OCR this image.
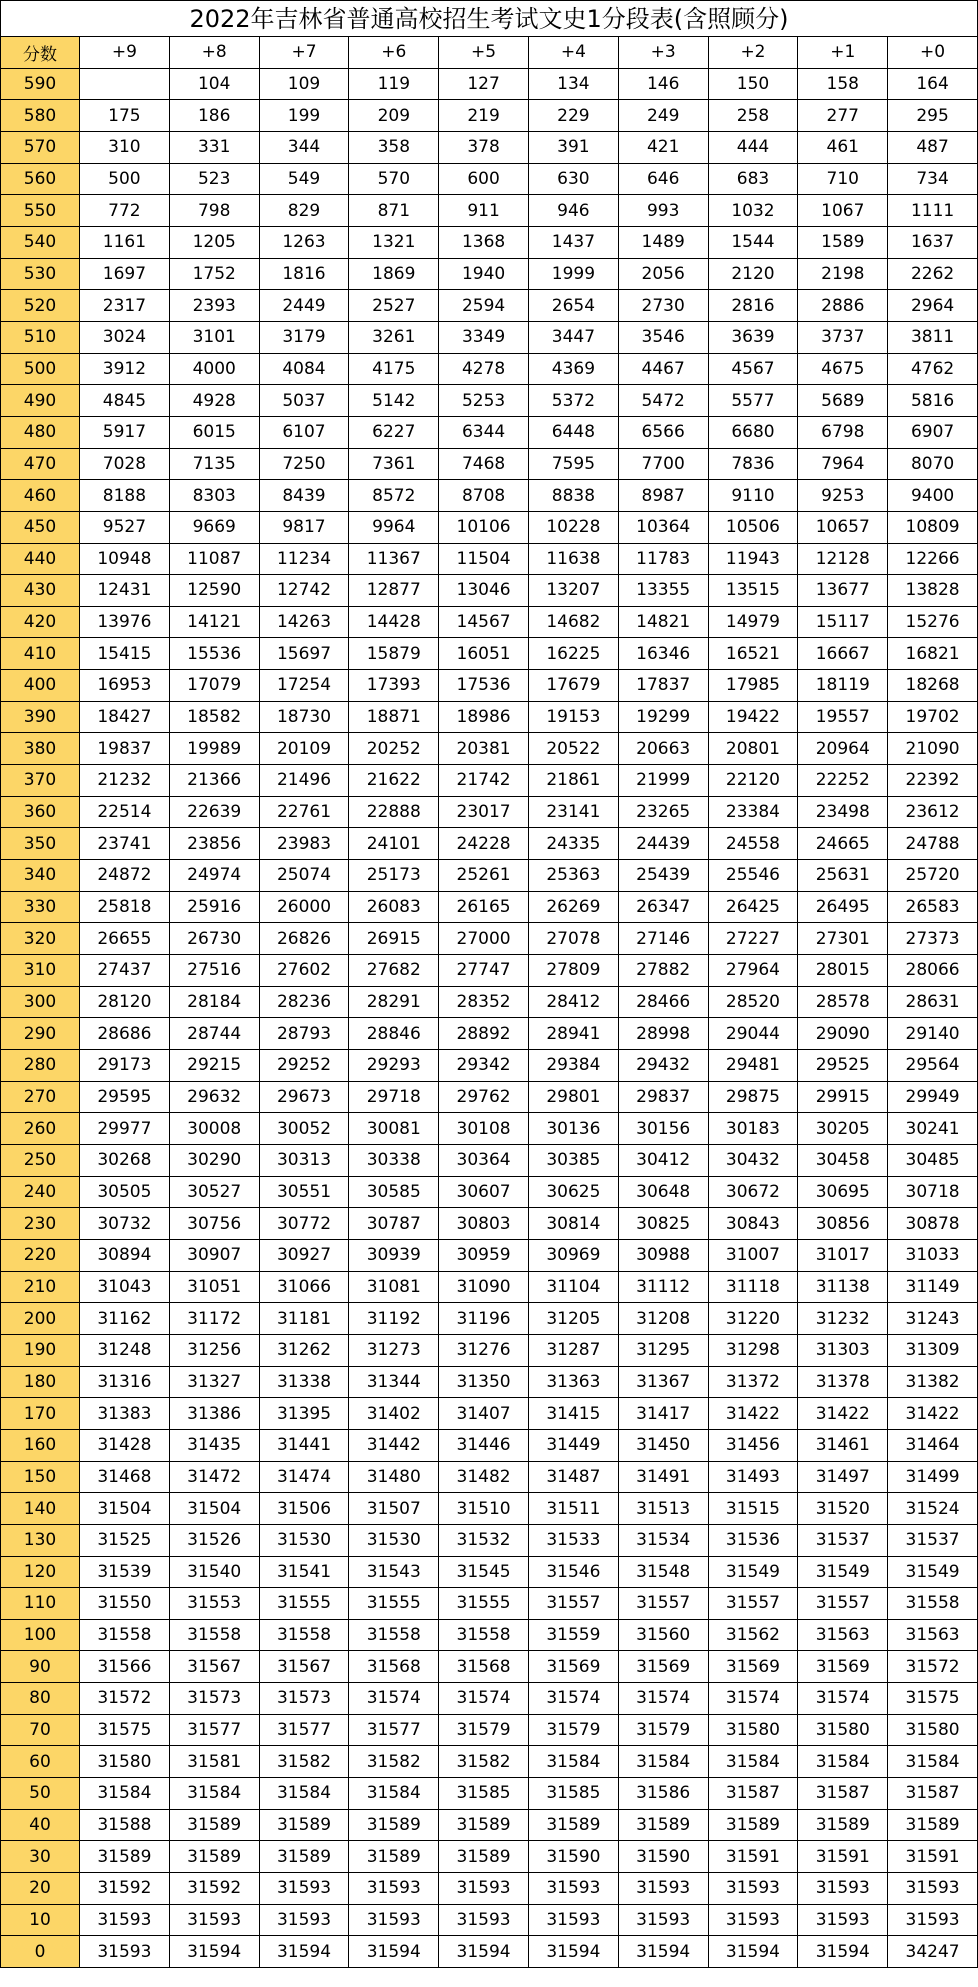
2022年吉林省普通高校招生考试文史1分段表(含照顾分)
分数	+9	+8	+7	+6	+5	+4	+3	+2	+1	+0
590		104	109	119	127	134	146	150	158	164
580	175	186	199	209	219	229	249	258	277	295
570	310	331	344	358	378	391	421	444	461	487
560	500	523	549	570	600	630	646	683	710	734
550	772	798	829	871	911	946	993	1032	1067	1111
540	1161	1205	1263	1321	1368	1437	1489	1544	1589	1637
530	1697	1752	1816	1869	1940	1999	2056	2120	2198	2262
520	2317	2393	2449	2527	2594	2654	2730	2816	2886	2964
510	3024	3101	3179	3261	3349	3447	3546	3639	3737	3811
500	3912	4000	4084	4175	4278	4369	4467	4567	4675	4762
490	4845	4928	5037	5142	5253	5372	5472	5577	5689	5816
480	5917	6015	6107	6227	6344	6448	6566	6680	6798	6907
470	7028	7135	7250	7361	7468	7595	7700	7836	7964	8070
460	8188	8303	8439	8572	8708	8838	8987	9110	9253	9400
450	9527	9669	9817	9964	10106	10228	10364	10506	10657	10809
440	10948	11087	11234	11367	11504	11638	11783	11943	12128	12266
430	12431	12590	12742	12877	13046	13207	13355	13515	13677	13828
420	13976	14121	14263	14428	14567	14682	14821	14979	15117	15276
410	15415	15536	15697	15879	16051	16225	16346	16521	16667	16821
400	16953	17079	17254	17393	17536	17679	17837	17985	18119	18268
390	18427	18582	18730	18871	18986	19153	19299	19422	19557	19702
380	19837	19989	20109	20252	20381	20522	20663	20801	20964	21090
370	21232	21366	21496	21622	21742	21861	21999	22120	22252	22392
360	22514	22639	22761	22888	23017	23141	23265	23384	23498	23612
350	23741	23856	23983	24101	24228	24335	24439	24558	24665	24788
340	24872	24974	25074	25173	25261	25363	25439	25546	25631	25720
330	25818	25916	26000	26083	26165	26269	26347	26425	26495	26583
320	26655	26730	26826	26915	27000	27078	27146	27227	27301	27373
310	27437	27516	27602	27682	27747	27809	27882	27964	28015	28066
300	28120	28184	28236	28291	28352	28412	28466	28520	28578	28631
290	28686	28744	28793	28846	28892	28941	28998	29044	29090	29140
280	29173	29215	29252	29293	29342	29384	29432	29481	29525	29564
270	29595	29632	29673	29718	29762	29801	29837	29875	29915	29949
260	29977	30008	30052	30081	30108	30136	30156	30183	30205	30241
250	30268	30290	30313	30338	30364	30385	30412	30432	30458	30485
240	30505	30527	30551	30585	30607	30625	30648	30672	30695	30718
230	30732	30756	30772	30787	30803	30814	30825	30843	30856	30878
220	30894	30907	30927	30939	30959	30969	30988	31007	31017	31033
210	31043	31051	31066	31081	31090	31104	31112	31118	31138	31149
200	31162	31172	31181	31192	31196	31205	31208	31220	31232	31243
190	31248	31256	31262	31273	31276	31287	31295	31298	31303	31309
180	31316	31327	31338	31344	31350	31363	31367	31372	31378	31382
170	31383	31386	31395	31402	31407	31415	31417	31422	31422	31422
160	31428	31435	31441	31442	31446	31449	31450	31456	31461	31464
150	31468	31472	31474	31480	31482	31487	31491	31493	31497	31499
140	31504	31504	31506	31507	31510	31511	31513	31515	31520	31524
130	31525	31526	31530	31530	31532	31533	31534	31536	31537	31537
120	31539	31540	31541	31543	31545	31546	31548	31549	31549	31549
110	31550	31553	31555	31555	31555	31557	31557	31557	31557	31558
100	31558	31558	31558	31558	31558	31559	31560	31562	31563	31563
90	31566	31567	31567	31568	31568	31569	31569	31569	31569	31572
80	31572	31573	31573	31574	31574	31574	31574	31574	31574	31575
70	31575	31577	31577	31577	31579	31579	31579	31580	31580	31580
60	31580	31581	31582	31582	31582	31584	31584	31584	31584	31584
50	31584	31584	31584	31584	31585	31585	31586	31587	31587	31587
40	31588	31589	31589	31589	31589	31589	31589	31589	31589	31589
30	31589	31589	31589	31589	31589	31590	31590	31591	31591	31591
20	31592	31592	31593	31593	31593	31593	31593	31593	31593	31593
10	31593	31593	31593	31593	31593	31593	31593	31593	31593	31593
0	31593	31594	31594	31594	31594	31594	31594	31594	31594	34247
